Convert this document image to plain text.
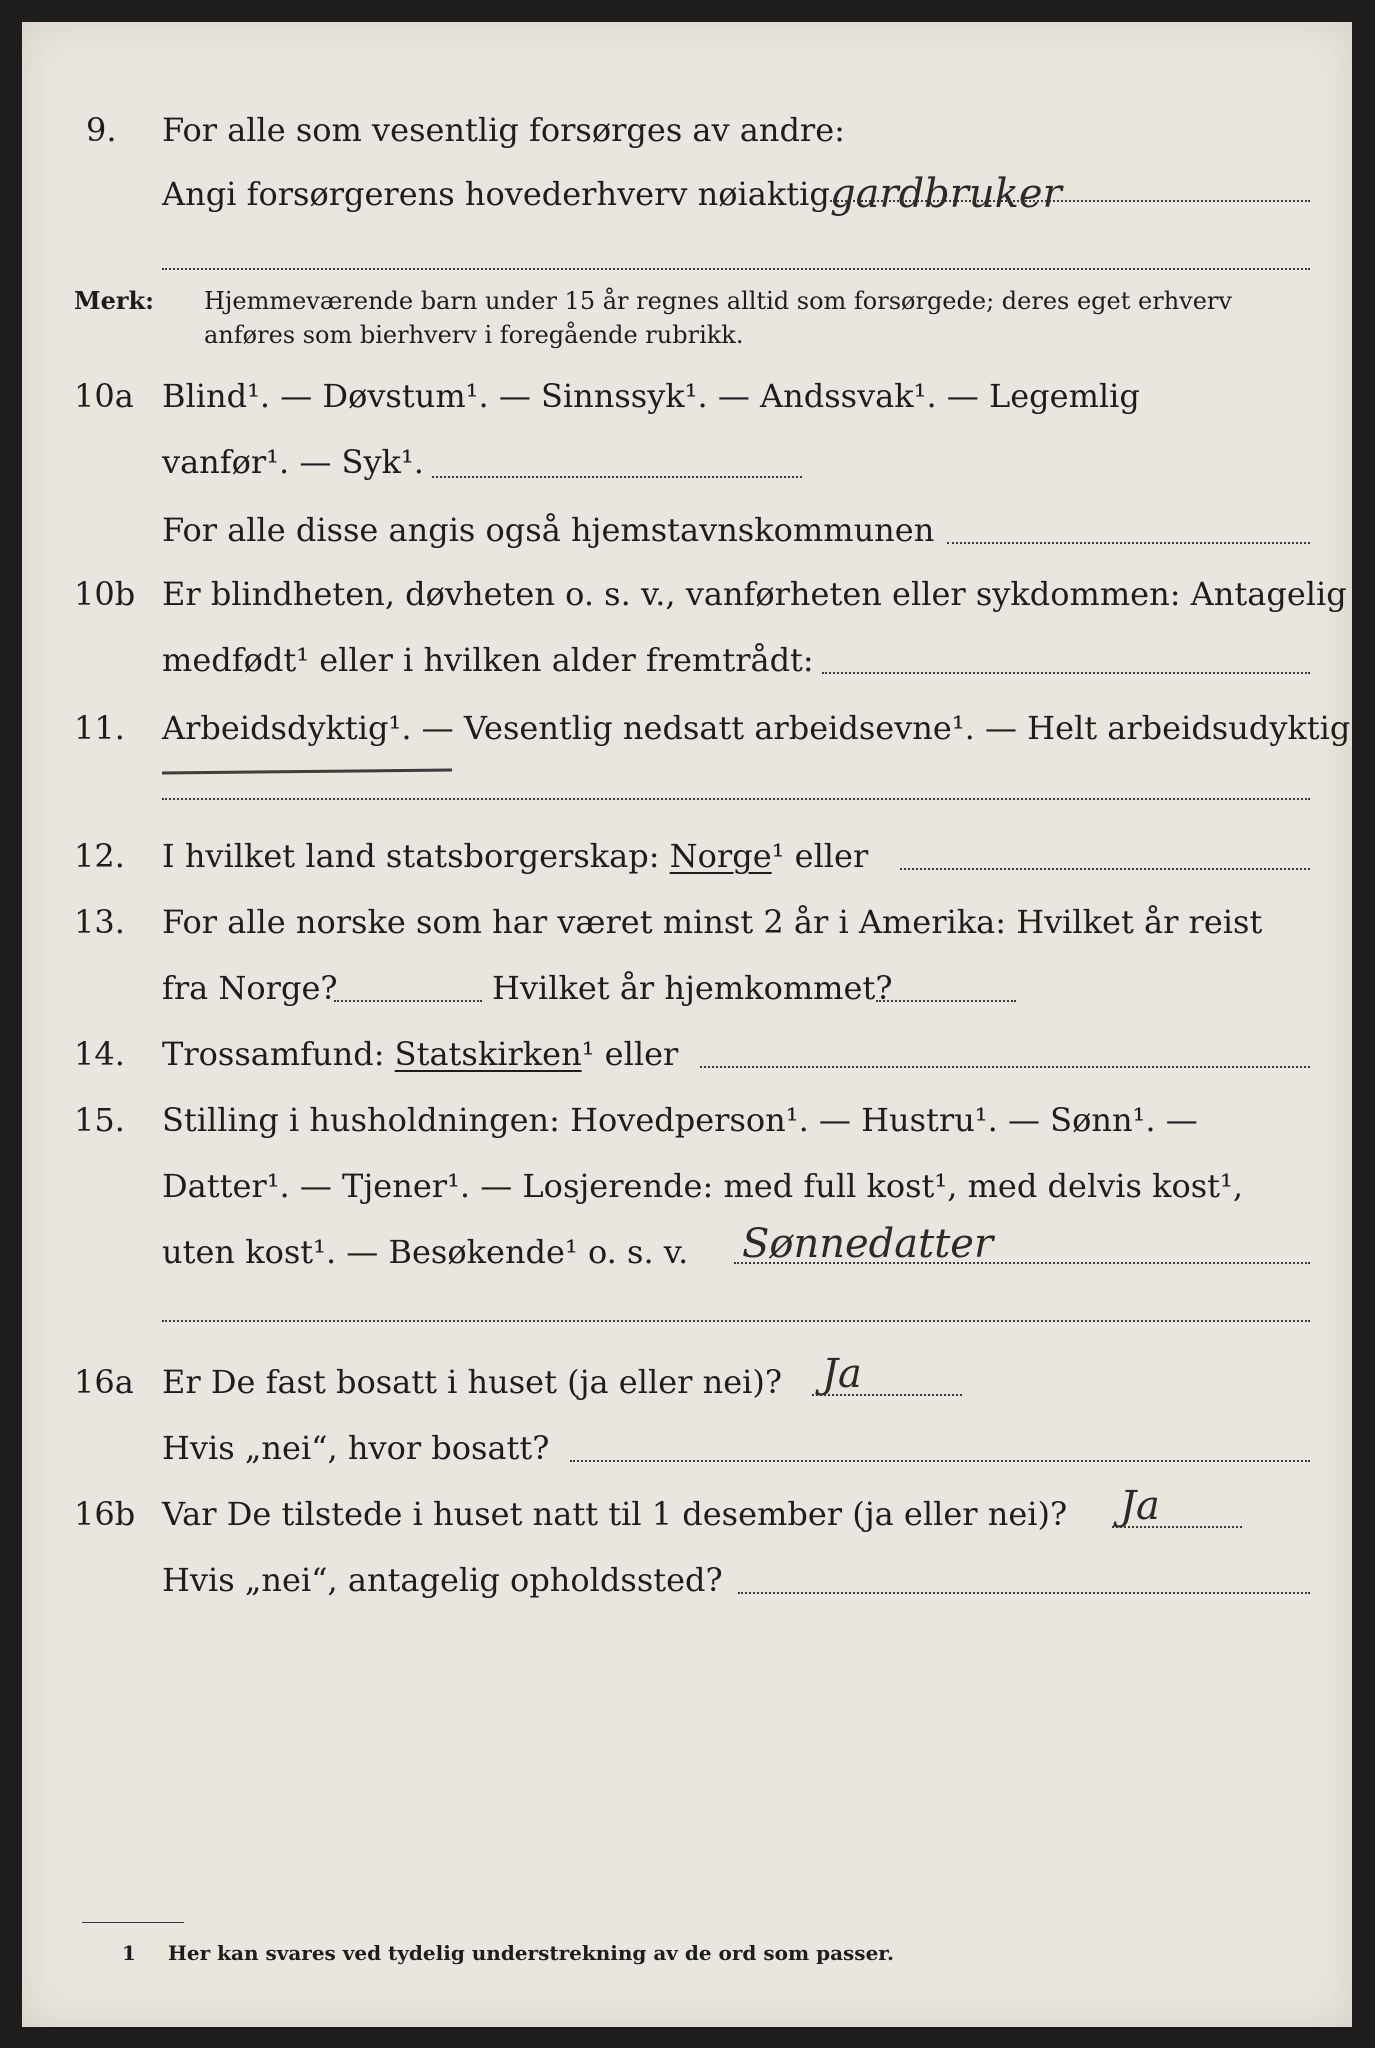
9. For alle som vesentlig forsørges av andre:
Angi forsørgerens hovederhverv nøiaktig gardbruker
Merk: Hjemmeværende barn under 15 år regnes alltid som forsørgede; deres eget erhverv
anføres som bierhverv i foregående rubrikk.
10a Blind¹. — Døvstum¹. — Sinnssyk¹. — Andssvak¹. — Legemlig
vanfør¹. — Syk¹.
For alle disse angis også hjemstavnskommunen
10b Er blindheten, døvheten o. s. v., vanførheten eller sykdommen: Antagelig
medfødt¹ eller i hvilken alder fremtrådt:
11. Arbeidsdyktig¹. — Vesentlig nedsatt arbeidsevne¹. — Helt arbeidsudyktig¹.
12. I hvilket land statsborgerskap: Norge¹ eller
13. For alle norske som har været minst 2 år i Amerika: Hvilket år reist
fra Norge?	Hvilket år hjemkommet?
14. Trossamfund: Statskirken¹ eller
15. Stilling i husholdningen: Hovedperson¹. — Hustru¹. — Sønn¹. —
Datter¹. — Tjener¹. — Losjerende: med full kost¹, med delvis kost¹,
uten kost¹. — Besøkende¹ o. s. v. Sønnedatter
16a Er De fast bosatt i huset (ja eller nei)? Ja
Hvis „nei“, hvor bosatt?
16b Var De tilstede i huset natt til 1 desember (ja eller nei)? Ja
Hvis „nei“, antagelig opholdssted?
1 Her kan svares ved tydelig understrekning av de ord som passer.
